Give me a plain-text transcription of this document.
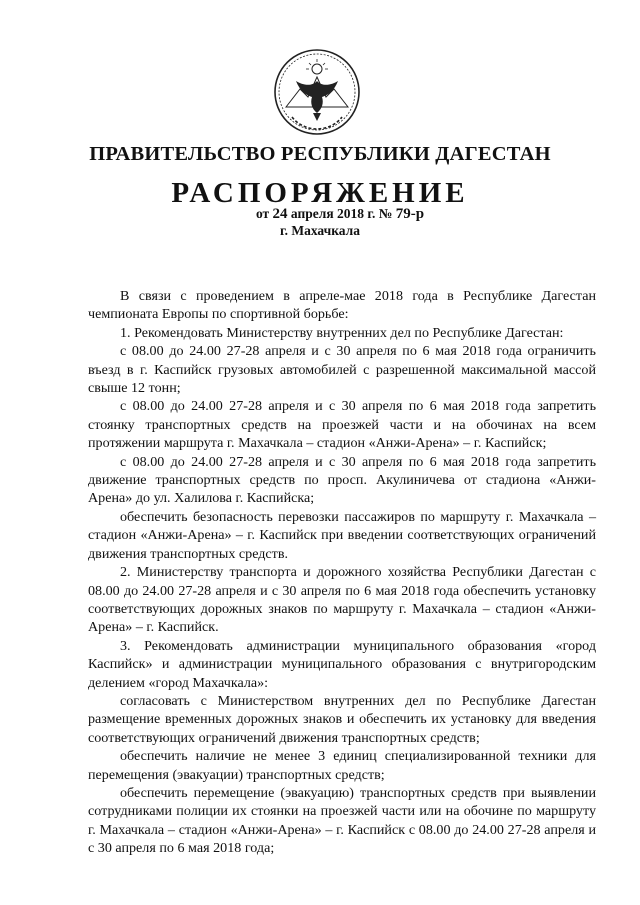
ПРАВИТЕЛЬСТВО РЕСПУБЛИКИ ДАГЕСТАН
РАСПОРЯЖЕНИЕ
от 24 апреля 2018 г. № 79-р
г. Махачкала

В связи с проведением в апреле-мае 2018 года в Республике Дагестан чемпионата Европы по спортивной борьбе:

1. Рекомендовать Министерству внутренних дел по Республике Дагестан:

с 08.00 до 24.00 27-28 апреля и с 30 апреля по 6 мая 2018 года ограничить въезд в г. Каспийск грузовых автомобилей с разрешенной максимальной массой свыше 12 тонн;

с 08.00 до 24.00 27-28 апреля и с 30 апреля по 6 мая 2018 года запретить стоянку транспортных средств на проезжей части и на обочинах на всем протяжении маршрута г. Махачкала – стадион «Анжи-Арена» – г. Каспийск;

с 08.00 до 24.00 27-28 апреля и с 30 апреля по 6 мая 2018 года запретить движение транспортных средств по просп. Акулиничева от стадиона «Анжи-Арена» до ул. Халилова г. Каспийска;

обеспечить безопасность перевозки пассажиров по маршруту г. Махачкала – стадион «Анжи-Арена» – г. Каспийск при введении соответствующих ограничений движения транспортных средств.

2. Министерству транспорта и дорожного хозяйства Республики Дагестан с 08.00 до 24.00 27-28 апреля и с 30 апреля по 6 мая 2018 года обеспечить установку соответствующих дорожных знаков по маршруту г. Махачкала – стадион «Анжи-Арена» – г. Каспийск.

3. Рекомендовать администрации муниципального образования «город Каспийск» и администрации муниципального образования с внутригородским делением «город Махачкала»:

согласовать с Министерством внутренних дел по Республике Дагестан размещение временных дорожных знаков и обеспечить их установку для введения соответствующих ограничений движения транспортных средств;

обеспечить наличие не менее 3 единиц специализированной техники для перемещения (эвакуации) транспортных средств;

обеспечить перемещение (эвакуацию) транспортных средств при выявлении сотрудниками полиции их стоянки на проезжей части или на обочине по маршруту г. Махачкала – стадион «Анжи-Арена» – г. Каспийск с 08.00 до 24.00 27-28 апреля и с 30 апреля по 6 мая 2018 года;
